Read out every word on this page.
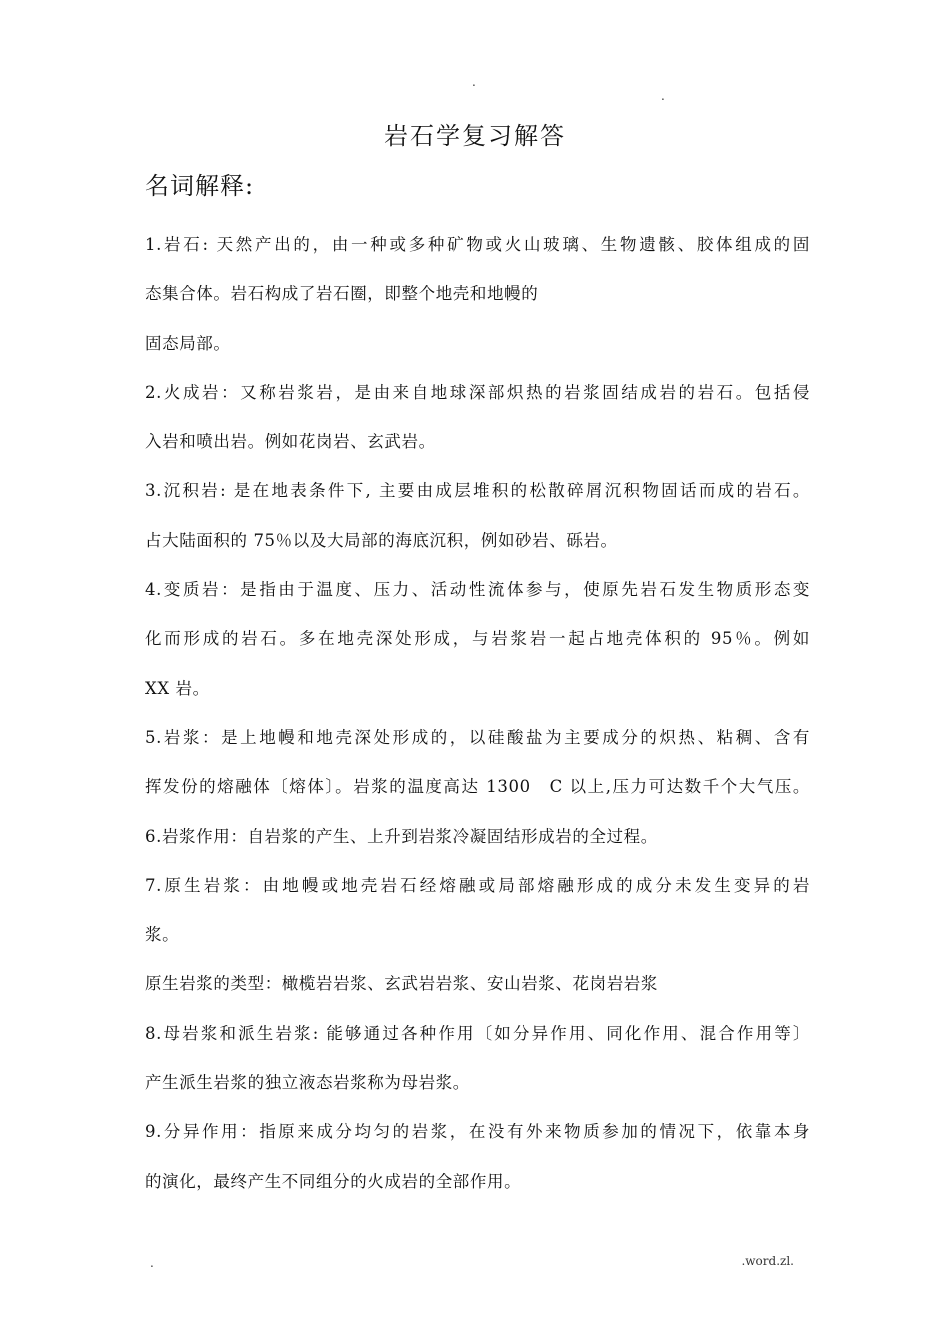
.
.
岩石学复习解答
名词解释:
1.岩石: 天然产出的，由一种或多种矿物或火山玻璃、生物遗骸、胶体组成的固
态集合体。岩石构成了岩石圈，即整个地壳和地幔的
固态局部。
2.火成岩：又称岩浆岩，是由来自地球深部炽热的岩浆固结成岩的岩石。包括侵
入岩和喷出岩。例如花岗岩、玄武岩。
3.沉积岩: 是在地表条件下, 主要由成层堆积的松散碎屑沉积物固话而成的岩石。
占大陆面积的 75％以及大局部的海底沉积，例如砂岩、砾岩。
4.变质岩：是指由于温度、压力、活动性流体参与，使原先岩石发生物质形态变
化而形成的岩石。多在地壳深处形成，与岩浆岩一起占地壳体积的 95％。例如
XX 岩。
5.岩浆：是上地幔和地壳深处形成的，以硅酸盐为主要成分的炽热、粘稠、含有
挥发份的熔融体〔熔体〕。岩浆的温度高达 1300　C 以上,压力可达数千个大气压。
6.岩浆作用：自岩浆的产生、上升到岩浆冷凝固结形成岩的全过程。
7.原生岩浆：由地幔或地壳岩石经熔融或局部熔融形成的成分未发生变异的岩
浆。
原生岩浆的类型：橄榄岩岩浆、玄武岩岩浆、安山岩浆、花岗岩岩浆
8.母岩浆和派生岩浆: 能够通过各种作用〔如分异作用、同化作用、混合作用等〕
产生派生岩浆的独立液态岩浆称为母岩浆。
9.分异作用：指原来成分均匀的岩浆，在没有外来物质参加的情况下，依靠本身
的演化，最终产生不同组分的火成岩的全部作用。
.	.word.zl.
